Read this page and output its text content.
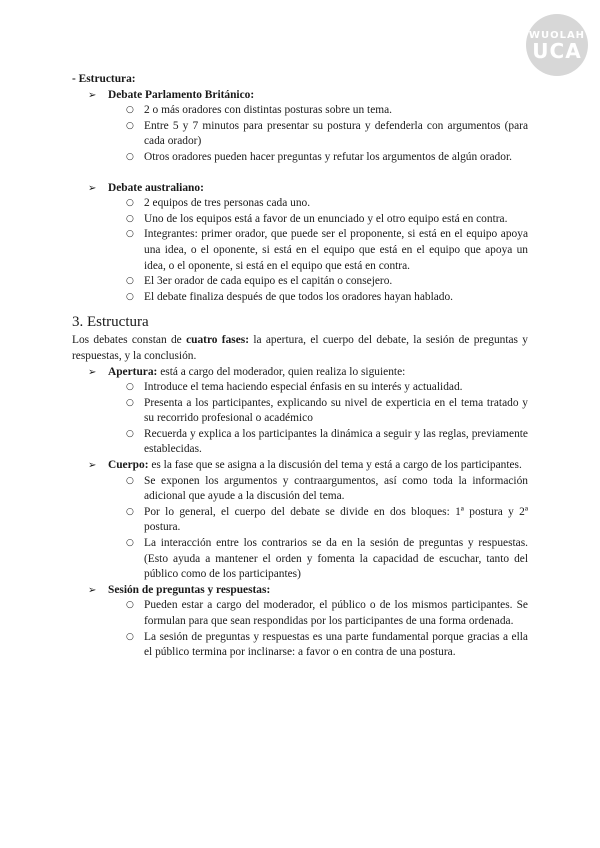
WUOLAH
UCA
- Estructura:
➢	Debate Parlamento Británico:
○ 2 o más oradores con distintas posturas sobre un tema.
○ Entre 5 y 7 minutos para presentar su postura y defenderla con argumentos (para cada orador)
○ Otros oradores pueden hacer preguntas y refutar los argumentos de algún orador.
➢	Debate australiano:
○ 2 equipos de tres personas cada uno.
○ Uno de los equipos está a favor de un enunciado y el otro equipo está en contra.
○ Integrantes: primer orador, que puede ser el proponente, si está en el equipo apoya una idea, o el oponente, si está en el equipo que está en el equipo que apoya un idea, o el oponente, si está en el equipo que está en contra.
○ El 3er orador de cada equipo es el capitán o consejero.
○ El debate finaliza después de que todos los oradores hayan hablado.
3. Estructura
Los debates constan de cuatro fases: la apertura, el cuerpo del debate, la sesión de preguntas y respuestas, y la conclusión.
➢	Apertura: está a cargo del moderador, quien realiza lo siguiente:
○ Introduce el tema haciendo especial énfasis en su interés y actualidad.
○ Presenta a los participantes, explicando su nivel de experticia en el tema tratado y su recorrido profesional o académico
○ Recuerda y explica a los participantes la dinámica a seguir y las reglas, previamente establecidas.
➢	Cuerpo: es la fase que se asigna a la discusión del tema y está a cargo de los participantes.
○ Se exponen los argumentos y contraargumentos, así como toda la información adicional que ayude a la discusión del tema.
○ Por lo general, el cuerpo del debate se divide en dos bloques: 1ª postura y 2ª postura.
○ La interacción entre los contrarios se da en la sesión de preguntas y respuestas. (Esto ayuda a mantener el orden y fomenta la capacidad de escuchar, tanto del público como de los participantes)
➢	Sesión de preguntas y respuestas:
○ Pueden estar a cargo del moderador, el público o de los mismos participantes. Se formulan para que sean respondidas por los participantes de una forma ordenada.
○ La sesión de preguntas y respuestas es una parte fundamental porque gracias a ella el público termina por inclinarse: a favor o en contra de una postura.
